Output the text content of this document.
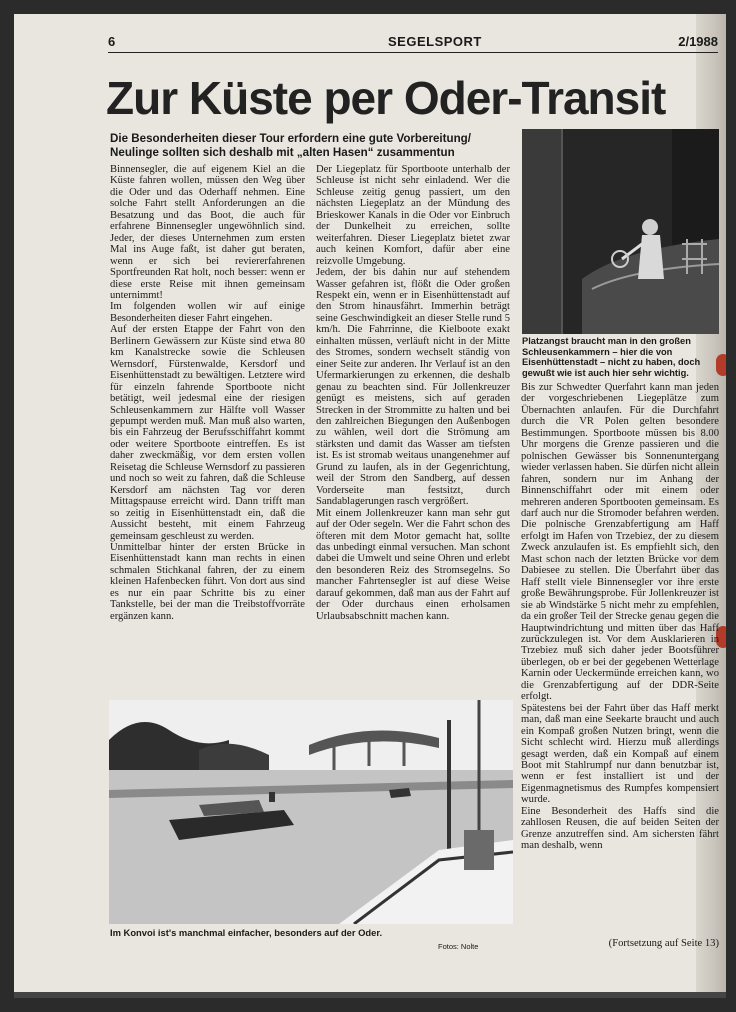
6	SEGELSPORT	2/1988
Zur Küste per Oder-Transit
Die Besonderheiten dieser Tour erfordern eine gute Vorbereitung/ Neulinge sollten sich deshalb mit „alten Hasen“ zusammentun

Binnensegler, die auf eigenem Kiel an die Küste fahren wollen, müssen den Weg über die Oder und das Oderhaff nehmen. Eine solche Fahrt stellt Anforderungen an die Besatzung und das Boot, die auch für erfahrene Binnensegler ungewöhnlich sind. Jeder, der dieses Unternehmen zum ersten Mal ins Auge faßt, ist daher gut beraten, wenn er sich bei reviererfahrenen Sportfreunden Rat holt, noch besser: wenn er diese erste Reise mit ihnen gemeinsam unternimmt!

Im folgenden wollen wir auf einige Besonderheiten dieser Fahrt eingehen.

Auf der ersten Etappe der Fahrt von den Berlinern Gewässern zur Küste sind etwa 80 km Kanalstrecke sowie die Schleusen Wernsdorf, Fürstenwalde, Kersdorf und Eisenhüttenstadt zu bewältigen. Letztere wird für einzeln fahrende Sportboote nicht betätigt, weil jedesmal eine der riesigen Schleusenkammern zur Hälfte voll Wasser gepumpt werden muß. Man muß also warten, bis ein Fahrzeug der Berufsschiffahrt kommt oder weitere Sportboote eintreffen. Es ist daher zweckmäßig, vor dem ersten vollen Reisetag die Schleuse Wernsdorf zu passieren und noch so weit zu fahren, daß die Schleuse Kersdorf am nächsten Tag vor deren Mittagspause erreicht wird. Dann trifft man so zeitig in Eisenhüttenstadt ein, daß die Aussicht besteht, mit einem Fahrzeug gemeinsam geschleust zu werden.

Unmittelbar hinter der ersten Brücke in Eisenhüttenstadt kann man rechts in einen schmalen Stichkanal fahren, der zu einem kleinen Hafenbecken führt. Von dort aus sind es nur ein paar Schritte bis zu einer Tankstelle, bei der man die Treibstoffvorräte ergänzen kann.

Der Liegeplatz für Sportboote unterhalb der Schleuse ist nicht sehr einladend. Wer die Schleuse zeitig genug passiert, um den nächsten Liegeplatz an der Mündung des Brieskower Kanals in die Oder vor Einbruch der Dunkelheit zu erreichen, sollte weiterfahren. Dieser Liegeplatz bietet zwar auch keinen Komfort, dafür aber eine reizvolle Umgebung.

Jedem, der bis dahin nur auf stehendem Wasser gefahren ist, flößt die Oder großen Respekt ein, wenn er in Eisenhüttenstadt auf den Strom hinausfährt. Immerhin beträgt seine Geschwindigkeit an dieser Stelle rund 5 km/h. Die Fahrrinne, die Kielboote exakt einhalten müssen, verläuft nicht in der Mitte des Stromes, sondern wechselt ständig von einer Seite zur anderen. Ihr Verlauf ist an den Ufermarkierungen zu erkennen, die deshalb genau zu beachten sind. Für Jollenkreuzer genügt es meistens, sich auf geraden Strecken in der Strommitte zu halten und bei den zahlreichen Biegungen den Außenbogen zu wählen, weil dort die Strömung am stärksten und damit das Wasser am tiefsten ist. Es ist stromab weitaus unangenehmer auf Grund zu laufen, als in der Gegenrichtung, weil der Strom den Sandberg, auf dessen Vorderseite man festsitzt, durch Sandablagerungen rasch vergrößert.

Mit einem Jollenkreuzer kann man sehr gut auf der Oder segeln. Wer die Fahrt schon des öfteren mit dem Motor gemacht hat, sollte das unbedingt einmal versuchen. Man schont dabei die Umwelt und seine Ohren und erlebt den besonderen Reiz des Stromsegelns. So mancher Fahrtensegler ist auf diese Weise darauf gekommen, daß man aus der Fahrt auf der Oder durchaus einen erholsamen Urlaubsabschnitt machen kann.

Platzangst braucht man in den großen Schleusenkammern – hier die von Eisenhüttenstadt – nicht zu haben, doch gewußt wie ist auch hier sehr wichtig.

Bis zur Schwedter Querfahrt kann man jeden der vorgeschriebenen Liegeplätze zum Übernachten anlaufen. Für die Durchfahrt durch die VR Polen gelten besondere Bestimmungen. Sportboote müssen bis 8.00 Uhr morgens die Grenze passieren und die polnischen Gewässer bis Sonnenuntergang wieder verlassen haben. Sie dürfen nicht allein fahren, sondern nur im Anhang der Binnenschiffahrt oder mit einem oder mehreren anderen Sportbooten gemeinsam. Es darf auch nur die Stromoder befahren werden. Die polnische Grenzabfertigung am Haff erfolgt im Hafen von Trzebiez, der zu diesem Zweck anzulaufen ist. Es empfiehlt sich, den Mast schon nach der letzten Brücke vor dem Dabiesee zu stellen. Die Überfahrt über das Haff stellt viele Binnensegler vor ihre erste große Bewährungsprobe. Für Jollenkreuzer ist sie ab Windstärke 5 nicht mehr zu empfehlen, da ein großer Teil der Strecke genau gegen die Hauptwindrichtung und mitten über das Haff zurückzulegen ist. Vor dem Ausklarieren in Trzebiez muß sich daher jeder Bootsführer überlegen, ob er bei der gegebenen Wetterlage Karnin oder Ueckermünde erreichen kann, wo die Grenzabfertigung auf der DDR-Seite erfolgt.

Spätestens bei der Fahrt über das Haff merkt man, daß man eine Seekarte braucht und auch ein Kompaß großen Nutzen bringt, wenn die Sicht schlecht wird. Hierzu muß allerdings gesagt werden, daß ein Kompaß auf einem Boot mit Stahlrumpf nur dann benutzbar ist, wenn er fest installiert ist und der Eigenmagnetismus des Rumpfes kompensiert wurde.

Eine Besonderheit des Haffs sind die zahllosen Reusen, die auf beiden Seiten der Grenze anzutreffen sind. Am sichersten fährt man deshalb, wenn

(Fortsetzung auf Seite 13)
Im Konvoi ist's manchmal einfacher, besonders auf der Oder.
Fotos: Nolte
